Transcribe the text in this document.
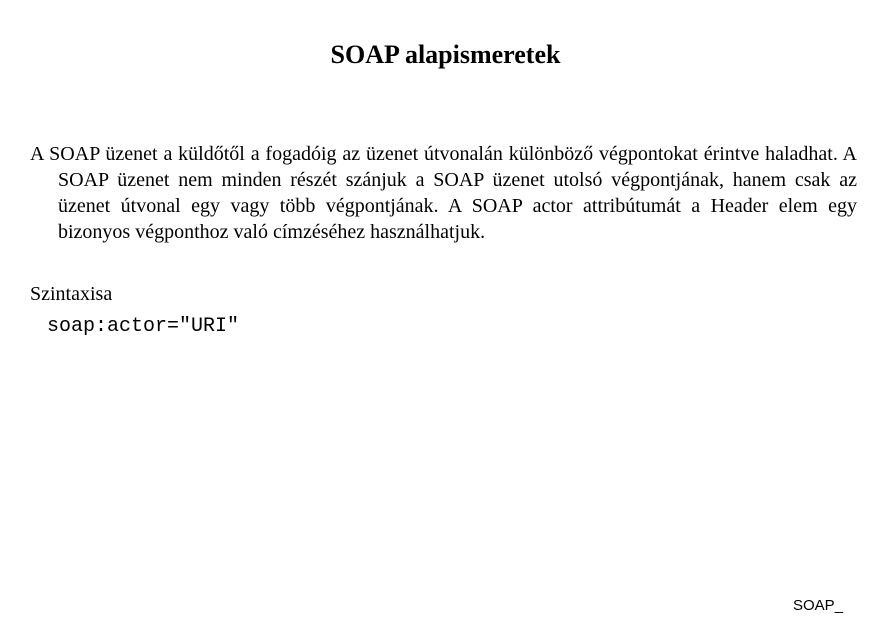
SOAP alapismeretek
A SOAP üzenet a küldőtől a fogadóig az üzenet útvonalán különböző végpontokat érintve haladhat. A SOAP üzenet nem minden részét szánjuk a SOAP üzenet utolsó végpontjának, hanem csak az üzenet útvonal egy vagy több végpontjának. A SOAP actor attribútumát a Header elem egy bizonyos végponthoz való címzéséhez használhatjuk.
Szintaxisa
soap:actor="URI"
SOAP_
